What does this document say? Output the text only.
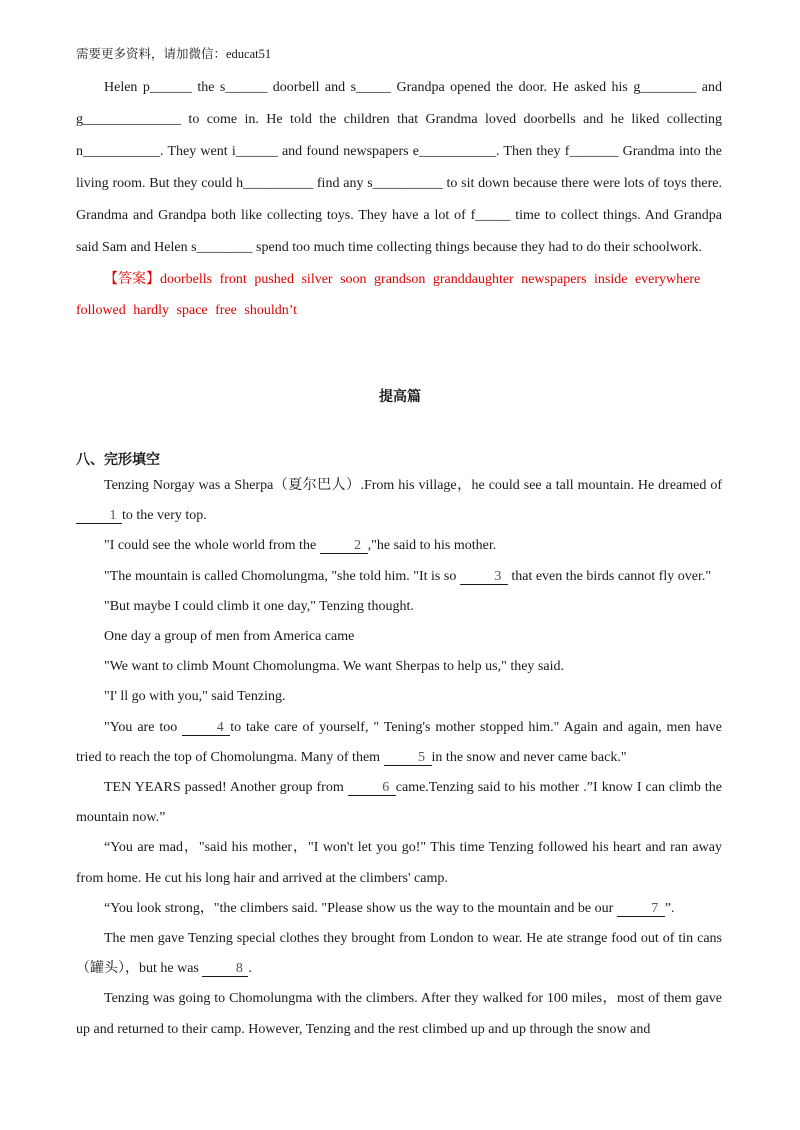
需要更多资料，请加微信：educat51

Helen p______ the s______ doorbell and s_____ Grandpa opened the door. He asked his g________ and g______________ to come in. He told the children that Grandma loved doorbells and he liked collecting n___________. They went i______ and found newspapers e___________. Then they f_______ Grandma into the living room. But they could h__________ find any s__________ to sit down because there were lots of toys there. Grandma and Grandpa both like collecting toys. They have a lot of f_____ time to collect things. And Grandpa said Sam and Helen s________ spend too much time collecting things because they had to do their schoolwork.

【答案】doorbells front pushed silver soon grandson granddaughter newspapers inside everywhere followed hardly space free shouldn’t

提高篇
八、完形填空

Tenzing Norgay was a Sherpa（夏尔巴人）.From his village，he could see a tall mountain. He dreamed of 1 to the very top.

"I could see the whole world from the	2 ,"he said to his mother.

"The mountain is called Chomolungma, "she told him. "It is so	3 that even the birds cannot fly over."

"But maybe I could climb it one day," Tenzing thought.

One day a group of men from America came

"We want to climb Mount Chomolungma. We want Sherpas to help us," they said.

"I' ll go with you," said Tenzing.

"You are too	4 to take care of yourself, " Tening's mother stopped him." Again and again, men have tried to reach the top of Chomolungma. Many of them	5 in the snow and never came back."

TEN YEARS passed! Another group from	6 came.Tenzing said to his mother .”I know I can climb the mountain now.”

“You are mad，"said his mother，"I won't let you go!" This time Tenzing followed his heart and ran away from home. He cut his long hair and arrived at the climbers' camp.

“You look strong，"the climbers said. "Please show us the way to the mountain and be our	7 ”.

The men gave Tenzing special clothes they brought from London to wear. He ate strange food out of tin cans（罐头），but he was	8 .

Tenzing was going to Chomolungma with the climbers. After they walked for 100 miles，most of them gave up and returned to their camp. However, Tenzing and the rest climbed up and up through the snow and
